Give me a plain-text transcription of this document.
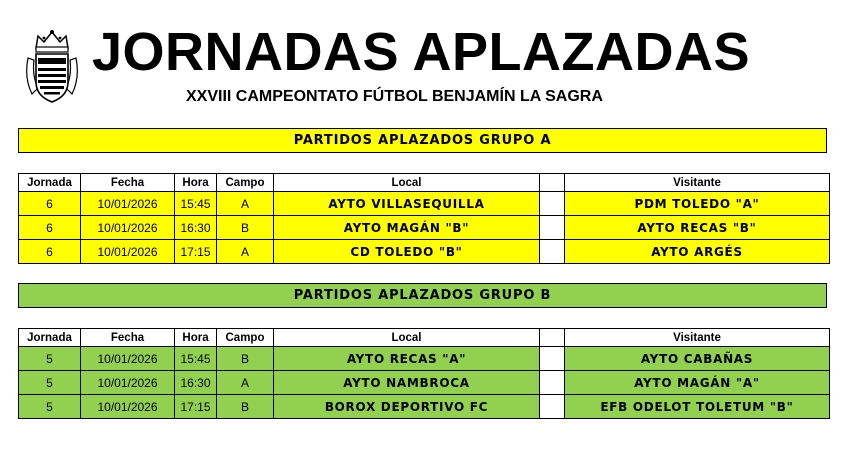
JORNADAS APLAZADAS
XXVIII CAMPEONTATO FÚTBOL BENJAMÍN LA SAGRA
PARTIDOS APLAZADOS GRUPO A
Jornada	Fecha	Hora	Campo	Local		Visitante
6	10/01/2026	15:45	A	AYTO VILLASEQUILLA		PDM TOLEDO "A"
6	10/01/2026	16:30	B	AYTO MAGÁN "B"		AYTO RECAS "B"
6	10/01/2026	17:15	A	CD TOLEDO "B"		AYTO ARGÉS
PARTIDOS APLAZADOS GRUPO B
Jornada	Fecha	Hora	Campo	Local		Visitante
5	10/01/2026	15:45	B	AYTO RECAS "A"		AYTO CABAÑAS
5	10/01/2026	16:30	A	AYTO NAMBROCA		AYTO MAGÁN "A"
5	10/01/2026	17:15	B	BOROX DEPORTIVO FC		EFB ODELOT TOLETUM "B"
